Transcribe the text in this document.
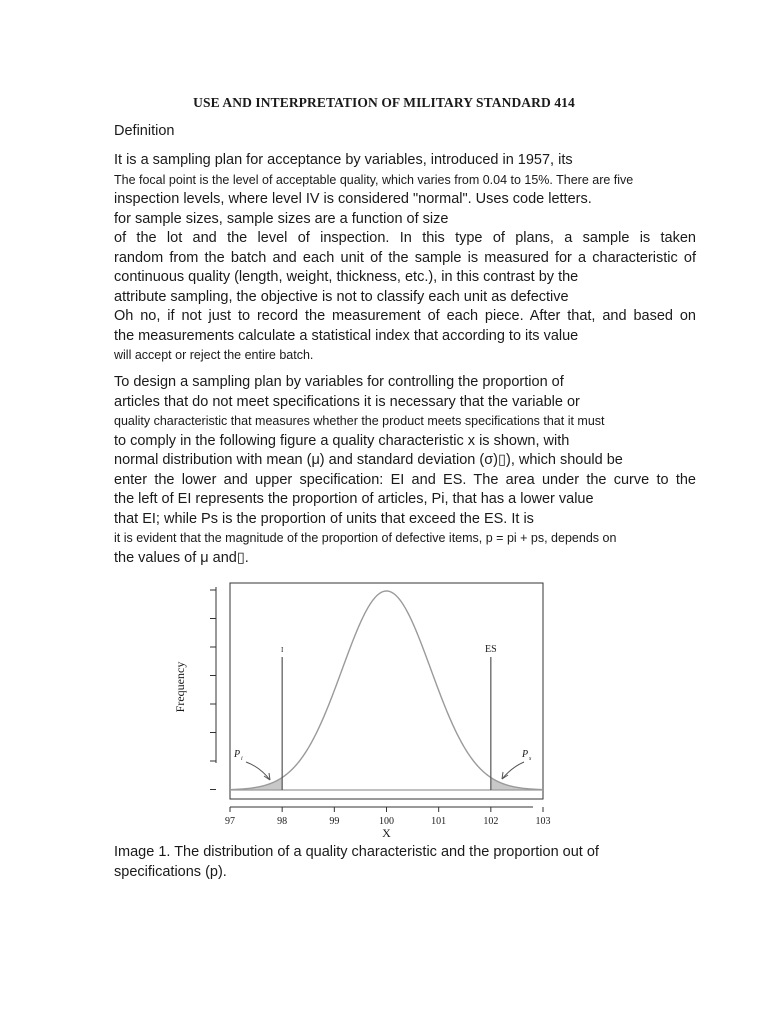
USE AND INTERPRETATION OF MILITARY STANDARD 414
Definition
It is a sampling plan for acceptance by variables, introduced in 1957, its
The focal point is the level of acceptable quality, which varies from 0.04 to 15%. There are five
inspection levels, where level IV is considered "normal". Uses code letters.
for sample sizes, sample sizes are a function of size
of the lot and the level of inspection. In this type of plans, a sample is taken
random from the batch and each unit of the sample is measured for a characteristic of
continuous quality (length, weight, thickness, etc.), in this contrast by the
attribute sampling, the objective is not to classify each unit as defective
Oh no, if not just to record the measurement of each piece. After that, and based on
the measurements calculate a statistical index that according to its value
will accept or reject the entire batch.
To design a sampling plan by variables for controlling the proportion of
articles that do not meet specifications it is necessary that the variable or
quality characteristic that measures whether the product meets specifications that it must
to comply in the following figure a quality characteristic x is shown, with
normal distribution with mean (μ) and standard deviation (σ)▯), which should be
enter the lower and upper specification: EI and ES. The area under the curve to the
the left of EI represents the proportion of articles, Pi, that has a lower value
that EI; while Ps is the proportion of units that exceed the ES. It is
it is evident that the magnitude of the proportion of defective items, p = pi + ps, depends on
the values of μ and▯.
97	98	99	100	101	102	103
I	ES
Frequency
X
P i	P s
Image 1. The distribution of a quality characteristic and the proportion out of
specifications (p).
